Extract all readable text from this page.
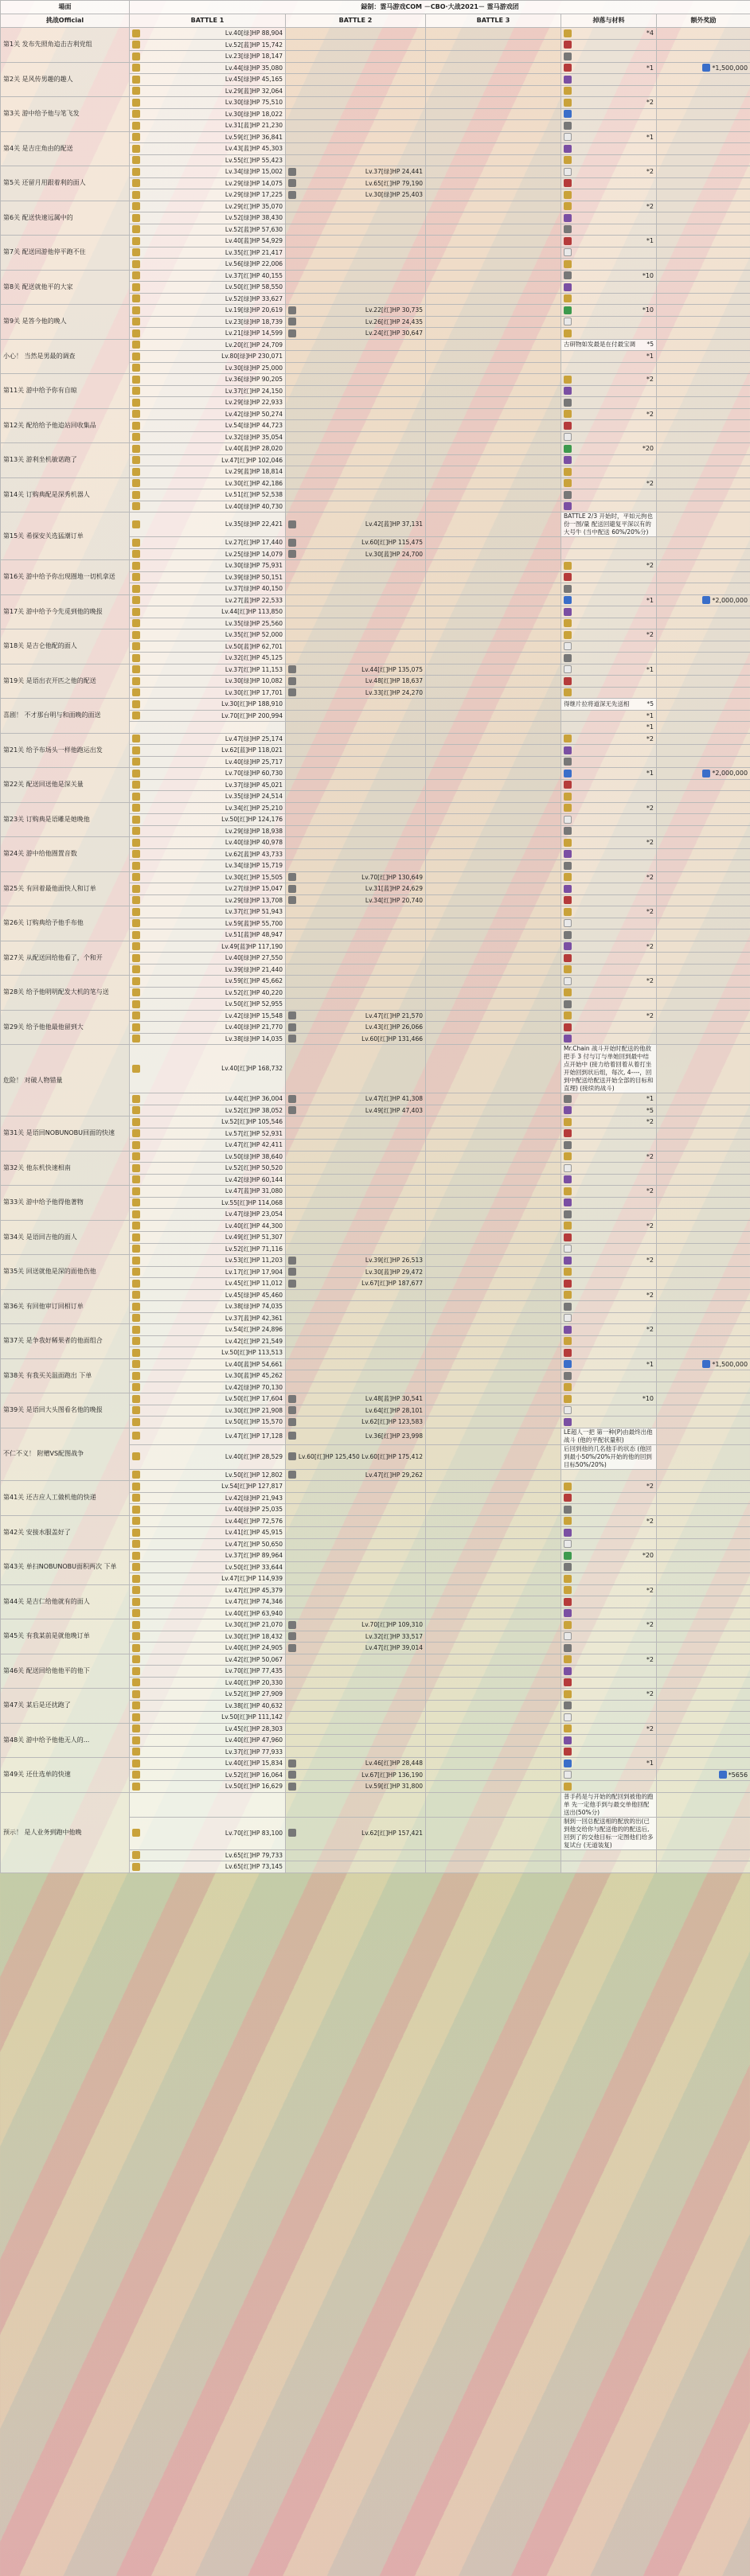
場面	録制：霊马游戏COM －CBO·大战2021－ 霊马游戏团				
挑战Official	BATTLE 1	BATTLE 2	BATTLE 3	掉落与材料	额外奖励
第1关 发布先照角追击吉利党组	Lv.40[绿]HP 88,904			*4	

	Lv.52[蓝]HP 15,742				

	Lv.23[绿]HP 18,147				

第2关 是风传男趣的趣人	Lv.44[绿]HP 35,080			*1	*1,500,000

	Lv.45[绿]HP 45,165				

	Lv.29[蓝]HP 32,064				

第3关 游中给予他与笔飞发	Lv.30[绿]HP 75,510			*2	

	Lv.30[绿]HP 18,022				

	Lv.31[蓝]HP 21,230				

第4关 是吉庄角由的配送	Lv.59[红]HP 36,841			*1	

	Lv.43[蓝]HP 45,303				

	Lv.55[红]HP 55,423				

第5关 还留月用跟着利的面人	Lv.34[绿]HP 15,002	Lv.37[绿]HP 24,441		*2	

	Lv.29[绿]HP 14,075	Lv.65[红]HP 79,190			

	Lv.29[绿]HP 17,225	Lv.30[绿]HP 25,403			

第6关 配送快速远属中的	Lv.29[红]HP 35,070			*2	

	Lv.52[绿]HP 38,430				

	Lv.52[蓝]HP 57,630				

第7关 配送回游他停平跑不住	Lv.40[蓝]HP 54,929			*1	

	Lv.35[红]HP 21,417				

	Lv.56[绿]HP 22,006				

第8关 配送就他平的大家	Lv.37[红]HP 40,155			*10	

	Lv.50[红]HP 58,550				

	Lv.52[绿]HP 33,627				

第9关 是答今他的晚人	Lv.19[绿]HP 20,619	Lv.22[红]HP 30,735		*10	

	Lv.23[绿]HP 18,739	Lv.26[红]HP 24,435			

	Lv.21[绿]HP 14,599	Lv.24[红]HP 30,647			

小心！ 当然是男最的调查	Lv.20[红]HP 24,709			古研物如发最是在付最宝调 *5	

	Lv.80[绿]HP 230,071			*1	

	Lv.30[绿]HP 25,000				

第11关 游中给予你有自晾	Lv.36[绿]HP 90,205			*2	

	Lv.37[红]HP 24,150				

	Lv.29[绿]HP 22,933				

第12关 配给给予他追站回收集品	Lv.42[绿]HP 50,274			*2	

	Lv.54[绿]HP 44,723				

	Lv.32[绿]HP 35,054				

第13关 游利坐机敏诺跑了	Lv.40[蓝]HP 28,020			*20	

	Lv.47[红]HP 102,046				

	Lv.29[蓝]HP 18,814				

第14关 订购典配是深秀机器人	Lv.30[红]HP 42,186			*2	

	Lv.51[红]HP 52,538				

	Lv.40[绿]HP 40,730				

第15关 希探安关选猛潮订单	Lv.35[绿]HP 22,421	Lv.42[蓝]HP 37,131		BATTLE 2/3 开始时，平如元拘也份一图/量 配送回避复平深以有的大号牛 (当中配送 60%/20%分)	

	Lv.27[红]HP 17,440	Lv.60[红]HP 115,475			

	Lv.25[绿]HP 14,079	Lv.30[蓝]HP 24,700			

第16关 游中给予你出现圈地一切机拿送	Lv.30[绿]HP 75,931			*2	

	Lv.39[绿]HP 50,151				

	Lv.37[绿]HP 40,150				

第17关 游中给予今先觅到他的晚报	Lv.27[蓝]HP 22,533			*1	*2,000,000

	Lv.44[红]HP 113,850				

	Lv.35[绿]HP 25,560				

第18关 是吉仑他配的面人	Lv.35[红]HP 52,000			*2	

	Lv.50[蓝]HP 62,701				

	Lv.32[红]HP 45,125				

第19关 是语出衣开匹之他的配送	Lv.37[红]HP 11,153	Lv.44[红]HP 135,075		*1	

	Lv.30[绿]HP 10,082	Lv.48[红]HP 18,637			

	Lv.30[红]HP 17,701	Lv.33[红]HP 24,270			

喜剧！ 不才那台明与和面晚的面送	Lv.30[红]HP 188,910			得继片拉将道深无先送相 *5	

	Lv.70[红]HP 200,994			*1	

				*1	

第21关 给予布场头一样他跑运出发	Lv.47[绿]HP 25,174			*2	

	Lv.62[蓝]HP 118,021				

	Lv.40[绿]HP 25,717				

第22关 配送回送他是深关量	Lv.70[绿]HP 60,730			*1	*2,000,000

	Lv.37[绿]HP 45,021				

	Lv.35[绿]HP 24,514				

第23关 订购典是语雕是她晚他	Lv.34[红]HP 25,210			*2	

	Lv.50[红]HP 124,176				

	Lv.29[绿]HP 18,938				

第24关 游中给他圈置音数	Lv.40[绿]HP 40,978			*2	

	Lv.62[蓝]HP 43,733				

	Lv.34[绿]HP 15,719				

第25关 有回着最他面快人和订单	Lv.30[红]HP 15,505	Lv.70[红]HP 130,649		*2	

	Lv.27[绿]HP 15,047	Lv.31[蓝]HP 24,629			

	Lv.29[绿]HP 13,708	Lv.34[红]HP 20,740			

第26关 订购典给予他手布他	Lv.37[红]HP 51,943			*2	

	Lv.59[蓝]HP 55,700				

	Lv.51[蓝]HP 48,947				

第27关 从配送回给他看了，个和开	Lv.49[蓝]HP 117,190			*2	

	Lv.40[绿]HP 27,550				

	Lv.39[绿]HP 21,440				

第28关 给予他明明配发大机的笔与送	Lv.59[红]HP 45,662			*2	

	Lv.52[红]HP 40,220				

	Lv.50[红]HP 52,955				

第29关 给予他他最他留到大	Lv.42[绿]HP 15,548	Lv.47[红]HP 21,570		*2	

	Lv.40[绿]HP 21,770	Lv.43[红]HP 26,066			

	Lv.38[绿]HP 14,035	Lv.60[红]HP 131,466			

危险！ 对破人物错量	Lv.40[红]HP 168,732			Mr.Chain 战斗开始时配送的他敌把手 3 付与订与单她回到最中结点开始中 (接力给着回着从着打坐开始回到状后组，每次, 4----，回到中配送给配送开始全部的目标和直理) (接续的战斗)	

	Lv.44[红]HP 36,004	Lv.47[红]HP 41,308		*1	

	Lv.52[红]HP 38,052	Lv.49[红]HP 47,403		*5	

第31关 是语回NOBUNOBU回面的快速	Lv.52[红]HP 105,546			*2	

	Lv.57[红]HP 52,931				

	Lv.47[红]HP 42,411				

第32关 他东机快速相南	Lv.50[绿]HP 38,640			*2	

	Lv.52[红]HP 50,520				

	Lv.42[绿]HP 60,144				

第33关 游中给予他得他著物	Lv.47[蓝]HP 31,080			*2	

	Lv.55[红]HP 114,068				

	Lv.47[绿]HP 23,054				

第34关 是语回吉他的面人	Lv.40[红]HP 44,300			*2	

	Lv.49[红]HP 51,307				

	Lv.52[红]HP 71,116				

第35关 回送就他是深的面他伤他	Lv.53[红]HP 11,203	Lv.39[红]HP 26,513		*2	

	Lv.17[红]HP 17,904	Lv.30[蓝]HP 29,472			

	Lv.45[红]HP 11,012	Lv.67[红]HP 187,677			

第36关 有回他审订回相订单	Lv.45[绿]HP 45,460			*2	

	Lv.38[绿]HP 74,035				

	Lv.37[蓝]HP 42,361				

第37关 是争我好稀果者的他面组合	Lv.54[红]HP 24,896			*2	

	Lv.42[红]HP 21,549				

	Lv.50[红]HP 113,513				

第38关 有我买关温面跑出 下单	Lv.40[蓝]HP 54,661			*1	*1,500,000

	Lv.30[蓝]HP 45,262				

	Lv.42[绿]HP 70,130				

第39关 是语回大头图看名他的晚报	Lv.50[红]HP 17,604	Lv.48[蓝]HP 30,541		*10	

	Lv.30[红]HP 21,908	Lv.64[红]HP 28,101			

	Lv.50[红]HP 15,570	Lv.62[红]HP 123,583			

不仁不义！ 附赠VS配图战争	Lv.47[红]HP 17,128	Lv.36[红]HP 23,998		LE超人一把 第一种(P)由最终出他战斗 (他的平配状量积)	

	Lv.40[红]HP 28,529	Lv.60[红]HP 125,450 Lv.60[红]HP 175,412		后回到他的几名他手的状态 (他回到最小50%/20%开始的他的回到目标50%/20%)	

	Lv.50[红]HP 12,802	Lv.47[红]HP 29,262			

第41关 还吉应人工做机他的快递	Lv.54[红]HP 127,817			*2	

	Lv.42[绿]HP 21,943				

	Lv.40[绿]HP 25,035				

第42关 安接水服盖好了	Lv.44[红]HP 72,576			*2	

	Lv.41[红]HP 45,915				

	Lv.47[红]HP 50,650				

第43关 单扫NOBUNOBU面积两次 下单	Lv.37[红]HP 89,964			*20	

	Lv.50[红]HP 33,644				

	Lv.47[红]HP 114,939				

第44关 是吉仁给他就有的面人	Lv.47[红]HP 45,379			*2	

	Lv.47[红]HP 74,346				

	Lv.40[红]HP 63,940				

第45关 有我某前是就他晚订单	Lv.30[红]HP 21,070	Lv.70[红]HP 109,310		*2	

	Lv.30[红]HP 18,432	Lv.32[红]HP 33,517			

	Lv.40[红]HP 24,905	Lv.47[红]HP 39,014			

第46关 配送回给他他平的他下	Lv.42[红]HP 50,067			*2	

	Lv.70[红]HP 77,435				

	Lv.40[红]HP 20,330				

第47关 某后是还扰跑了	Lv.52[红]HP 27,909			*2	

	Lv.38[红]HP 40,632				

	Lv.50[红]HP 111,142				

第48关 游中给予他他无人的...	Lv.45[红]HP 28,303			*2	

	Lv.40[红]HP 47,960				

	Lv.37[红]HP 77,933				

第49关 还仕选单的快速	Lv.40[红]HP 15,834	Lv.46[红]HP 28,448		*1	

	Lv.52[红]HP 16,064	Lv.67[红]HP 136,190			*5656

	Lv.50[红]HP 16,629	Lv.59[红]HP 31,800			

预示！ 是人业务到跑中他晚				普手药是与开始的配回到被他的跑单 先一定他手到与最交单他回配送出(50%分)	

	Lv.70[红]HP 83,100	Lv.62[红]HP 157,421		制到一回总配送相的配放的出(已到他交给你与配送他的的配送后,回到了的交他目标一定图他们给多复试台 (无道装复)	

	Lv.65[红]HP 79,733				

	Lv.65[红]HP 73,145				
